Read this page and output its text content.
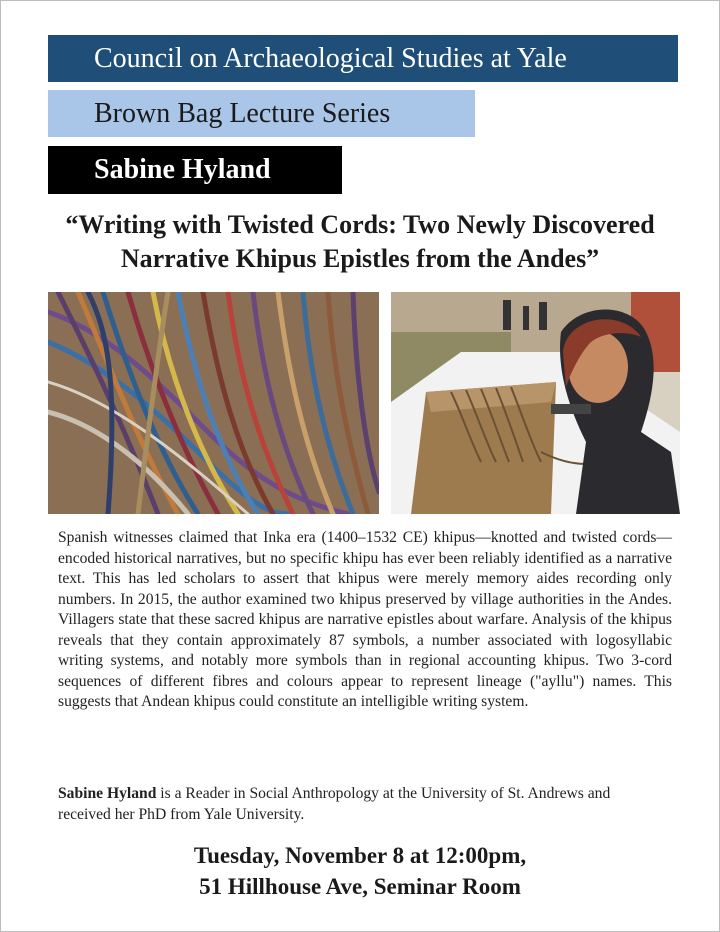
Council on Archaeological Studies at Yale
Brown Bag Lecture Series
Sabine Hyland
“Writing with Twisted Cords: Two Newly Discovered
Narrative Khipus Epistles from the Andes”
Spanish witnesses claimed that Inka era (1400–1532 CE) khipus—knotted and twisted cords—encoded historical narratives, but no specific khipu has ever been reliably identified as a narrative text. This has led scholars to assert that khipus were merely memory aides recording only numbers. In 2015, the author examined two khipus preserved by village authorities in the Andes. Villagers state that these sacred khipus are narrative epistles about warfare. Analysis of the khipus reveals that they contain approximately 87 symbols, a number associated with logosyllabic writing systems, and notably more symbols than in regional accounting khipus. Two 3-cord sequences of different fibres and colours appear to represent lineage ("ayllu") names. This suggests that Andean khipus could constitute an intelligible writing system.
Sabine Hyland is a Reader in Social Anthropology at the University of St. Andrews and received her PhD from Yale University.
Tuesday, November 8 at 12:00pm,
51 Hillhouse Ave, Seminar Room
